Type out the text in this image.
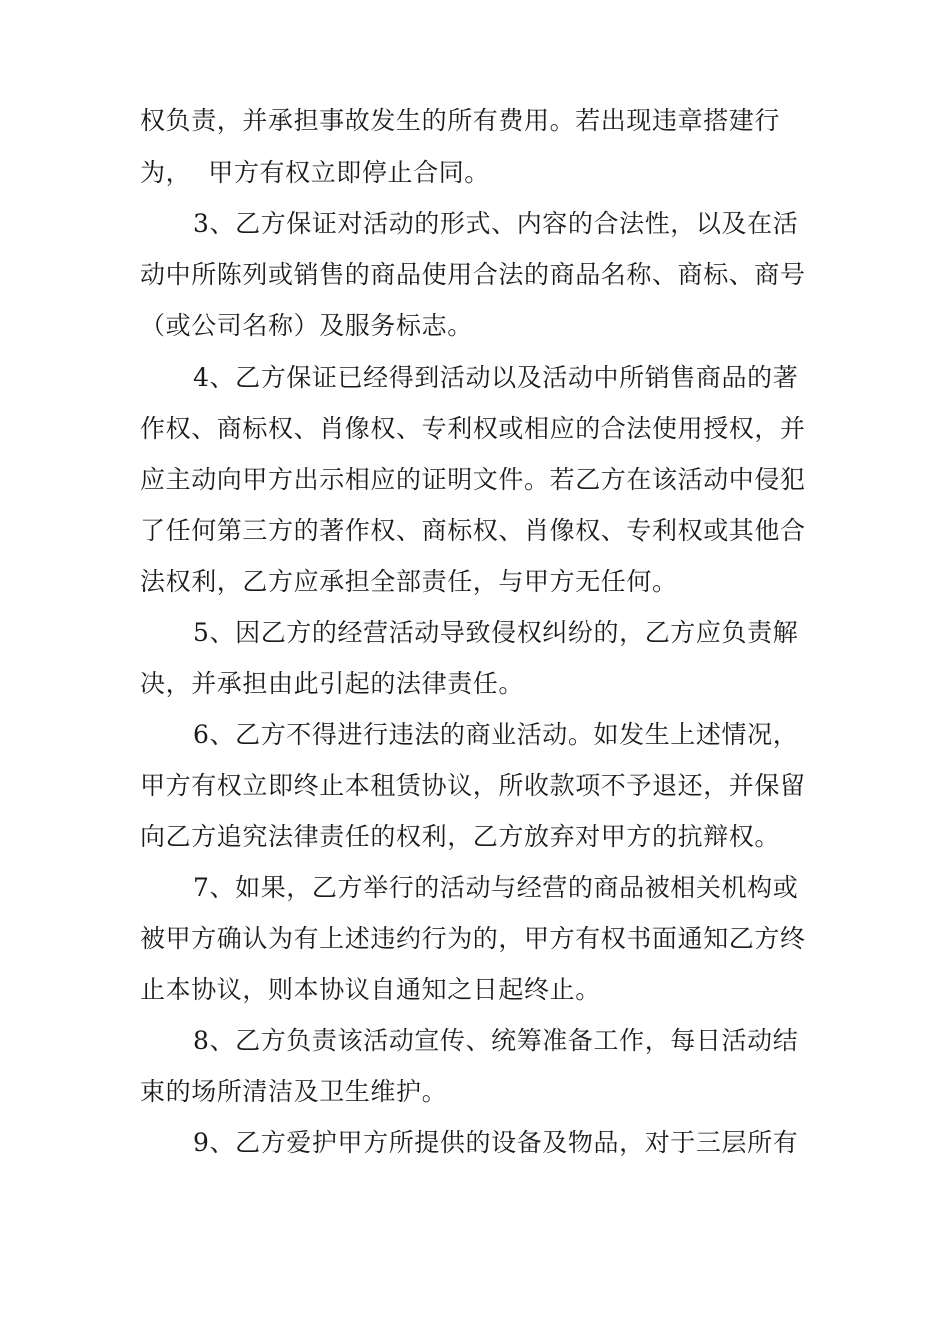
权负责，并承担事故发生的所有费用。若出现违章搭建行

为，  甲方有权立即停止合同。

3、乙方保证对活动的形式、内容的合法性，以及在活

动中所陈列或销售的商品使用合法的商品名称、商标、商号

（或公司名称）及服务标志。

4、乙方保证已经得到活动以及活动中所销售商品的著

作权、商标权、肖像权、专利权或相应的合法使用授权，并

应主动向甲方出示相应的证明文件。若乙方在该活动中侵犯

了任何第三方的著作权、商标权、肖像权、专利权或其他合

法权利，乙方应承担全部责任，与甲方无任何。

5、因乙方的经营活动导致侵权纠纷的，乙方应负责解

决，并承担由此引起的法律责任。

6、乙方不得进行违法的商业活动。如发生上述情况，

甲方有权立即终止本租赁协议，所收款项不予退还，并保留

向乙方追究法律责任的权利，乙方放弃对甲方的抗辩权。

7、如果，乙方举行的活动与经营的商品被相关机构或

被甲方确认为有上述违约行为的，甲方有权书面通知乙方终

止本协议，则本协议自通知之日起终止。

8、乙方负责该活动宣传、统筹准备工作，每日活动结

束的场所清洁及卫生维护。

9、乙方爱护甲方所提供的设备及物品，对于三层所有
